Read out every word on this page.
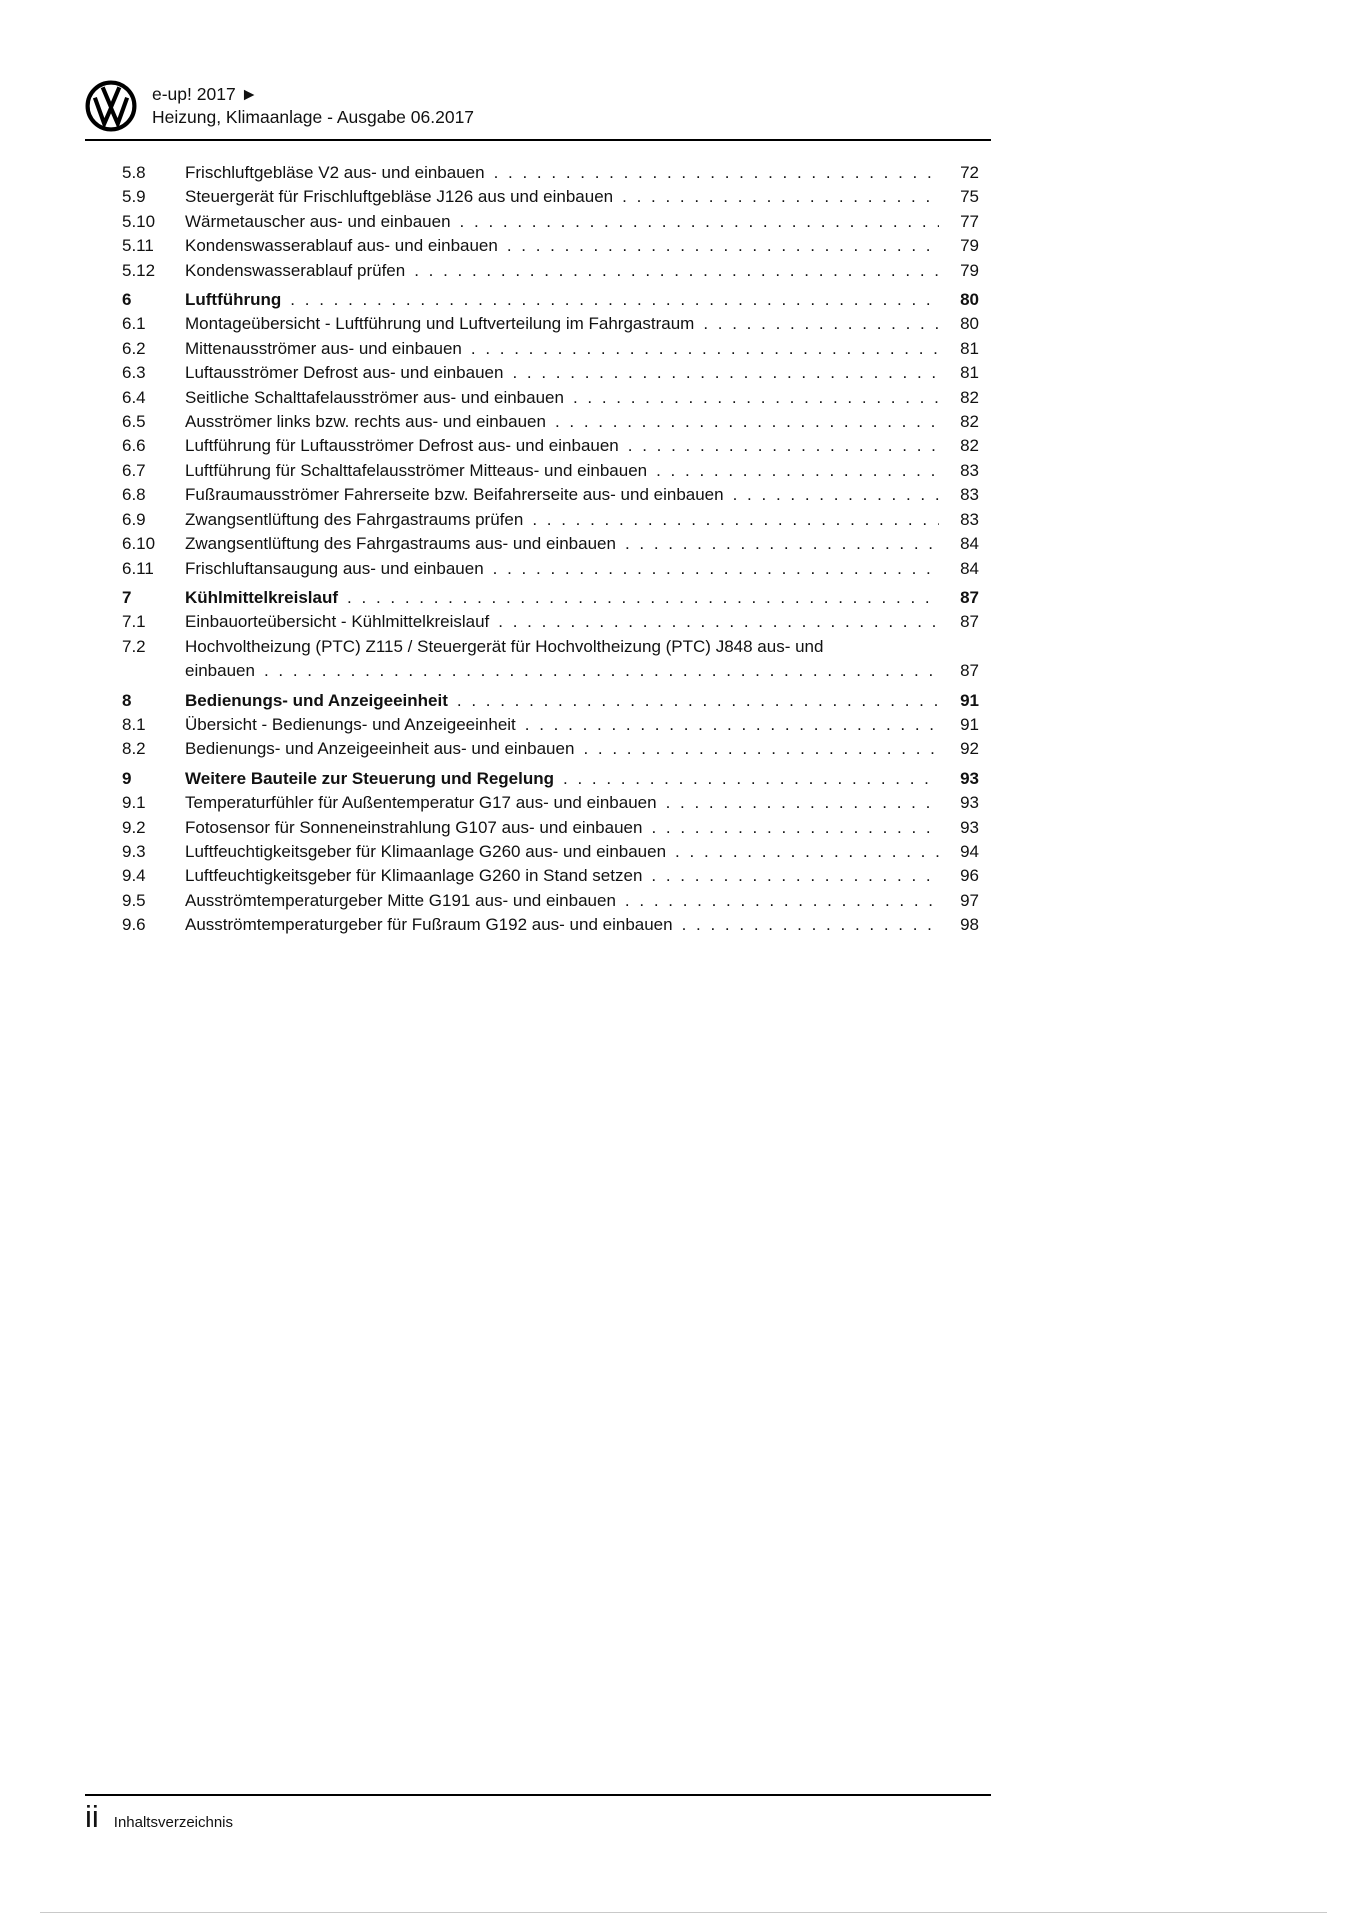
e-up! 2017 ►
Heizung, Klimaanlage - Ausgabe 06.2017
5.8	Frischluftgebläse V2 aus- und einbauen . . .	72
5.9	Steuergerät für Frischluftgebläse J126 aus und einbauen . . .	75
5.10	Wärmetauscher aus- und einbauen . . .	77
5.11	Kondenswasserablauf aus- und einbauen . . .	79
5.12	Kondenswasserablauf prüfen . . .	79
6	Luftführung . . .	80
6.1	Montageübersicht - Luftführung und Luftverteilung im Fahrgastraum . . .	80
6.2	Mittenausströmer aus- und einbauen . . .	81
6.3	Luftausströmer Defrost aus- und einbauen . . .	81
6.4	Seitliche Schalttafelausströmer aus- und einbauen . . .	82
6.5	Ausströmer links bzw. rechts aus- und einbauen . . .	82
6.6	Luftführung für Luftausströmer Defrost aus- und einbauen . . .	82
6.7	Luftführung für Schalttafelausströmer Mitteaus- und einbauen . . .	83
6.8	Fußraumausströmer Fahrerseite bzw. Beifahrerseite aus- und einbauen . . .	83
6.9	Zwangsentlüftung des Fahrgastraums prüfen . . .	83
6.10	Zwangsentlüftung des Fahrgastraums aus- und einbauen . . .	84
6.11	Frischluftansaugung aus- und einbauen . . .	84
7	Kühlmittelkreislauf . . .	87
7.1	Einbauorteübersicht - Kühlmittelkreislauf . . .	87
7.2	Hochvoltheizung (PTC) Z115 / Steuergerät für Hochvoltheizung (PTC) J848 aus- und
einbauen . . .	87
8	Bedienungs- und Anzeigeeinheit . . .	91
8.1	Übersicht - Bedienungs- und Anzeigeeinheit . . .	91
8.2	Bedienungs- und Anzeigeeinheit aus- und einbauen . . .	92
9	Weitere Bauteile zur Steuerung und Regelung . . .	93
9.1	Temperaturfühler für Außentemperatur G17 aus- und einbauen . . .	93
9.2	Fotosensor für Sonneneinstrahlung G107 aus- und einbauen . . .	93
9.3	Luftfeuchtigkeitsgeber für Klimaanlage G260 aus- und einbauen . . .	94
9.4	Luftfeuchtigkeitsgeber für Klimaanlage G260 in Stand setzen . . .	96
9.5	Ausströmtemperaturgeber Mitte G191 aus- und einbauen . . .	97
9.6	Ausströmtemperaturgeber für Fußraum G192 aus- und einbauen . . .	98
ii Inhaltsverzeichnis
